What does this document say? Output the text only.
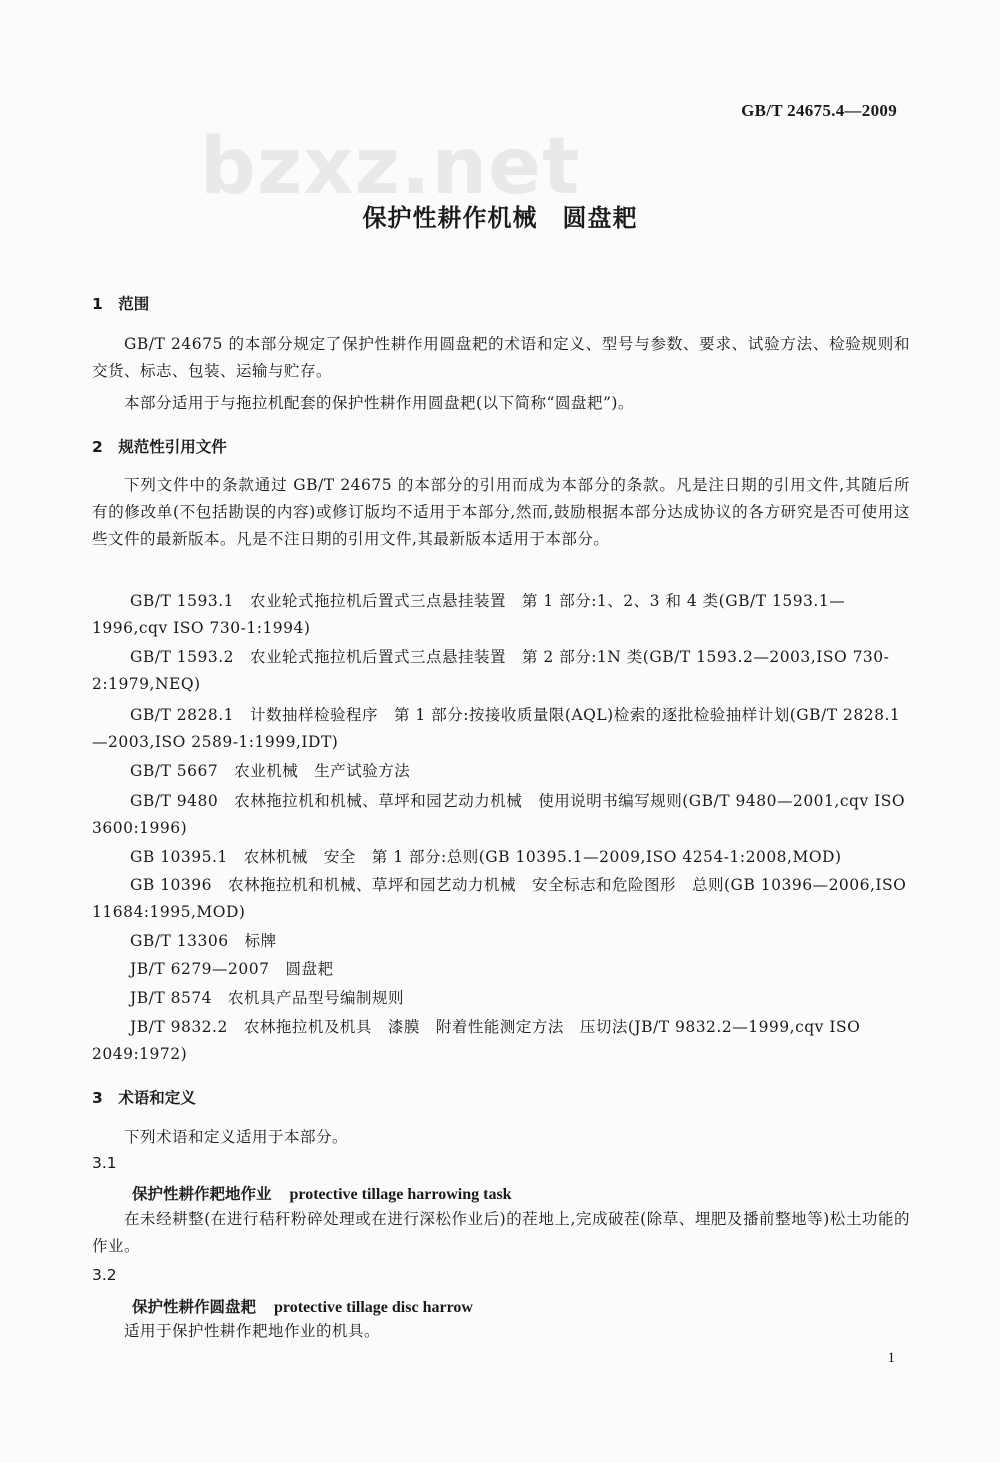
GB/T 24675.4—2009
bzxz.net
保护性耕作机械　圆盘耙
1　范围
GB/T 24675 的本部分规定了保护性耕作用圆盘耙的术语和定义、型号与参数、要求、试验方法、检验规则和交货、标志、包装、运输与贮存。
本部分适用于与拖拉机配套的保护性耕作用圆盘耙(以下简称“圆盘耙”)。
2　规范性引用文件
下列文件中的条款通过 GB/T 24675 的本部分的引用而成为本部分的条款。凡是注日期的引用文件,其随后所有的修改单(不包括勘误的内容)或修订版均不适用于本部分,然而,鼓励根据本部分达成协议的各方研究是否可使用这些文件的最新版本。凡是不注日期的引用文件,其最新版本适用于本部分。
GB/T 1593.1　农业轮式拖拉机后置式三点悬挂装置　第 1 部分:1、2、3 和 4 类(GB/T 1593.1—1996,cqv ISO 730-1:1994)
GB/T 1593.2　农业轮式拖拉机后置式三点悬挂装置　第 2 部分:1N 类(GB/T 1593.2—2003,ISO 730-2:1979,NEQ)
GB/T 2828.1　计数抽样检验程序　第 1 部分:按接收质量限(AQL)检索的逐批检验抽样计划(GB/T 2828.1—2003,ISO 2589-1:1999,IDT)
GB/T 5667　农业机械　生产试验方法
GB/T 9480　农林拖拉机和机械、草坪和园艺动力机械　使用说明书编写规则(GB/T 9480—2001,cqv ISO 3600:1996)
GB 10395.1　农林机械　安全　第 1 部分:总则(GB 10395.1—2009,ISO 4254-1:2008,MOD)
GB 10396　农林拖拉机和机械、草坪和园艺动力机械　安全标志和危险图形　总则(GB 10396—2006,ISO 11684:1995,MOD)
GB/T 13306　标牌
JB/T 6279—2007　圆盘耙
JB/T 8574　农机具产品型号编制规则
JB/T 9832.2　农林拖拉机及机具　漆膜　附着性能测定方法　压切法(JB/T 9832.2—1999,cqv ISO 2049:1972)
3　术语和定义
下列术语和定义适用于本部分。
3.1
保护性耕作耙地作业 protective tillage harrowing task
在未经耕整(在进行秸秆粉碎处理或在进行深松作业后)的茬地上,完成破茬(除草、埋肥及播前整地等)松土功能的作业。
3.2
保护性耕作圆盘耙 protective tillage disc harrow
适用于保护性耕作耙地作业的机具。
1
